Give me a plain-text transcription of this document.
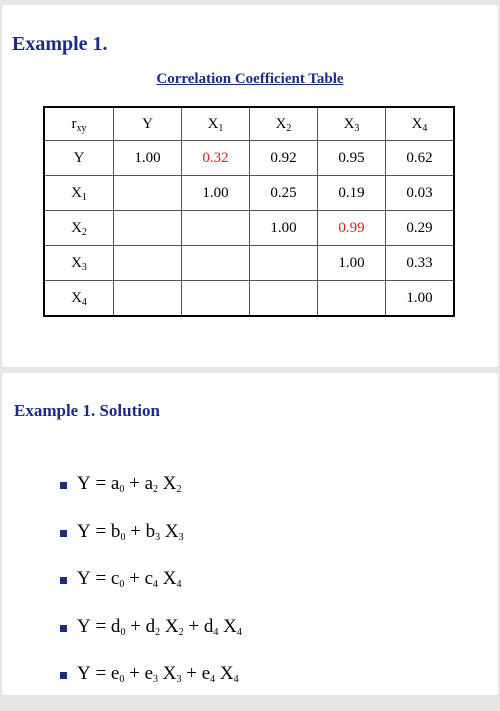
Example 1.
Correlation Coefficient Table
$r_{xy}$	Y	$X_1$	$X_2$	$X_3$	$X_4$
Y	1.00	0.32	0.92	0.95	0.62
$X_1$		1.00	0.25	0.19	0.03
$X_2$			1.00	0.99	0.29
$X_3$				1.00	0.33
$X_4$					1.00
Example 1. Solution
$Y = a_0 + a_2$ $X_2$
$Y = b_0 + b_3$ $X_3$
$Y = c_0 + c_4$ $X_4$
$Y = d_0 + d_2$ $X_2 + d_4$ $X_4$
$Y = e_0 + e_3$ $X_3 + e_4$ $X_4$
